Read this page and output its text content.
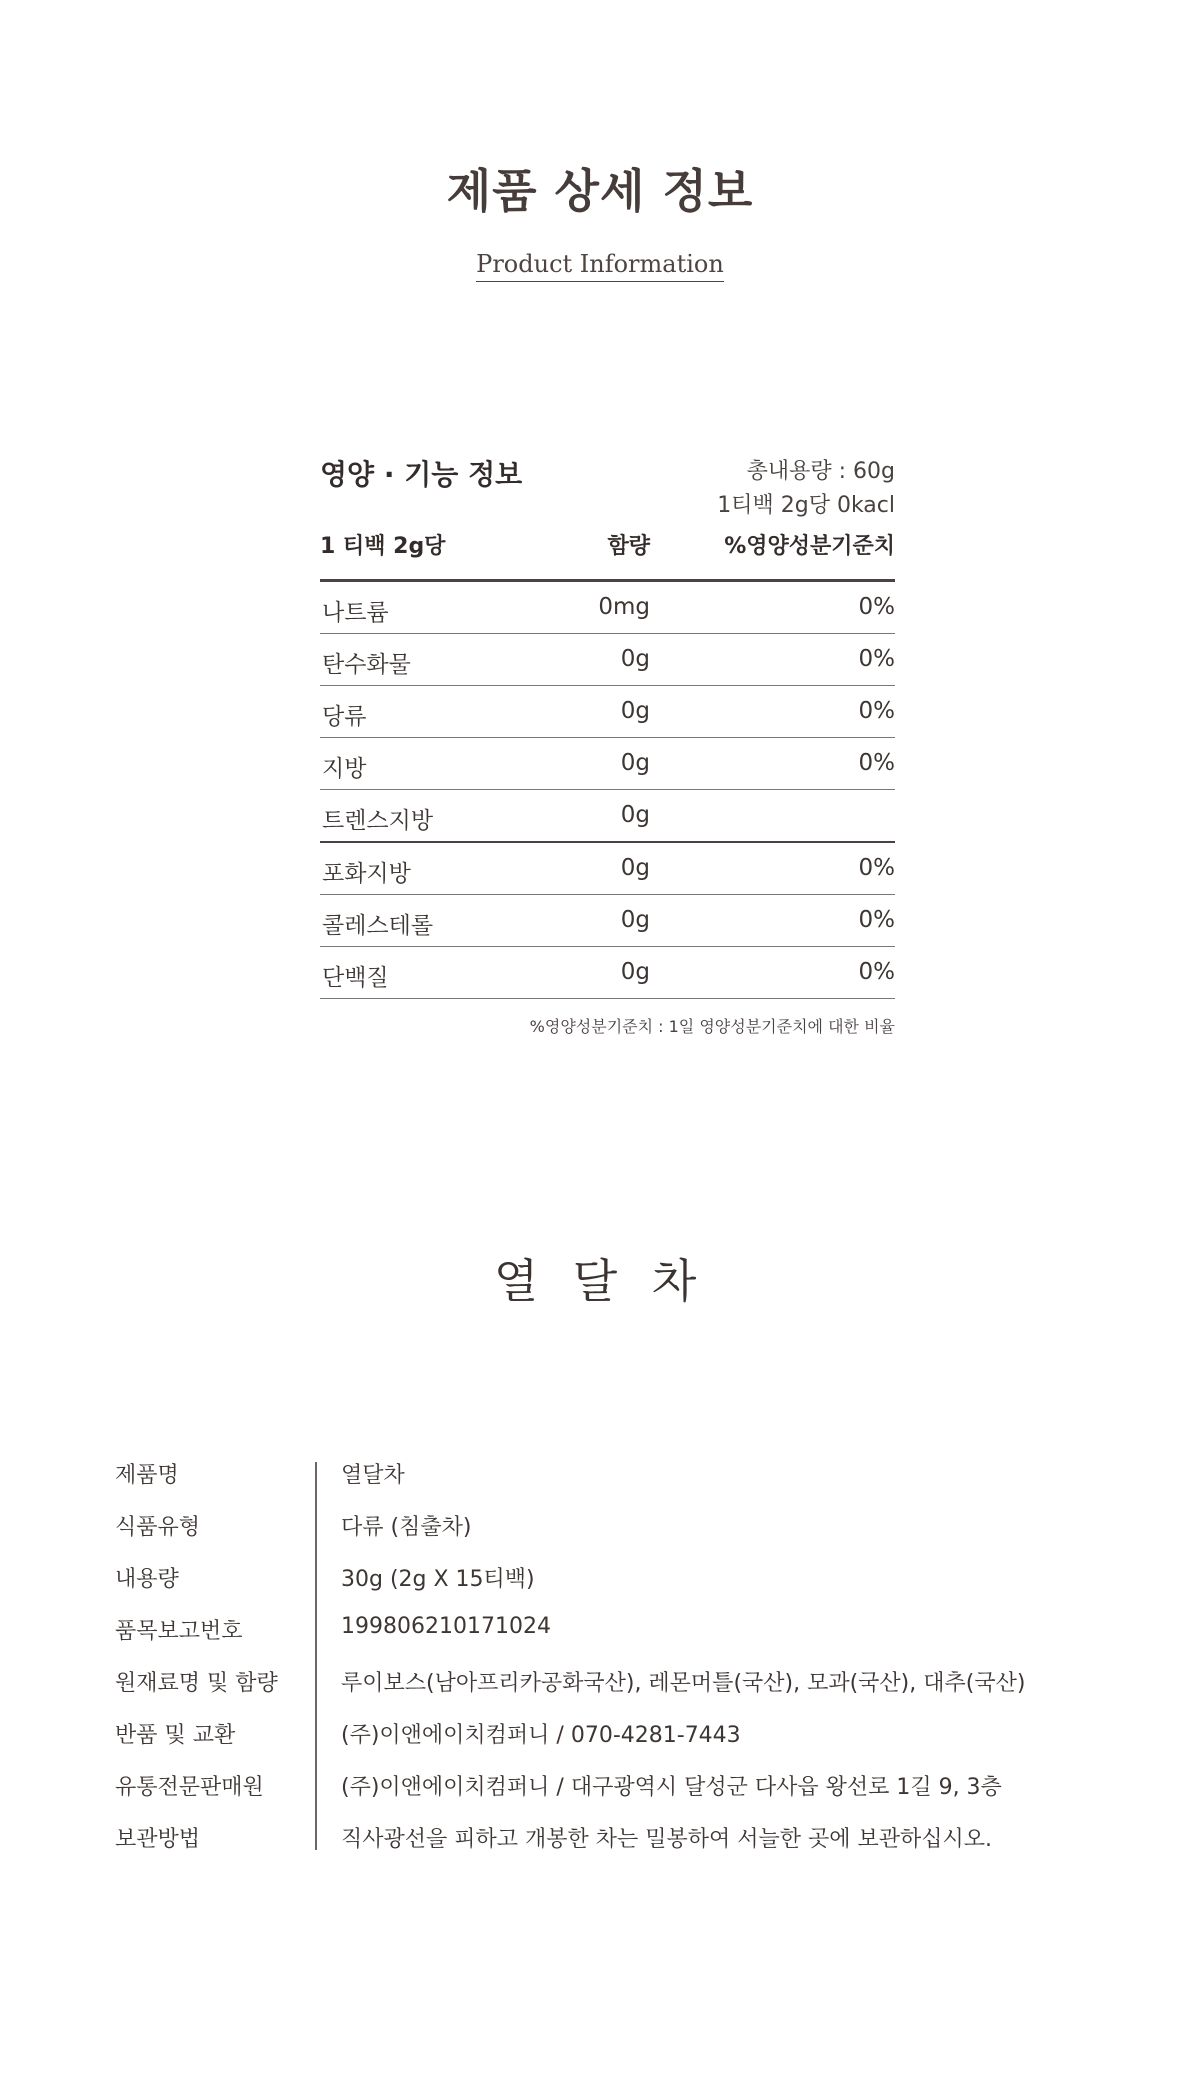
제품 상세 정보
Product Information
영양 · 기능 정보	총내용량 : 60g
1티백 2g당 0kacl
1 티백 2g당	함량	%영양성분기준치
나트륨	0mg	0%
탄수화물	0g	0%
당류	0g	0%
지방	0g	0%
트렌스지방	0g
포화지방	0g	0%
콜레스테롤	0g	0%
단백질	0g	0%
%영양성분기준치 : 1일 영양성분기준치에 대한 비율
열 달 차
제품명	열달차
식품유형	다류 (침출차)
내용량	30g (2g X 15티백)
품목보고번호	199806210171024
원재료명 및 함량	루이보스(남아프리카공화국산), 레몬머틀(국산), 모과(국산), 대추(국산)
반품 및 교환	(주)이앤에이치컴퍼니 / 070-4281-7443
유통전문판매원	(주)이앤에이치컴퍼니 / 대구광역시 달성군 다사읍 왕선로 1길 9, 3층
보관방법	직사광선을 피하고 개봉한 차는 밀봉하여 서늘한 곳에 보관하십시오.
